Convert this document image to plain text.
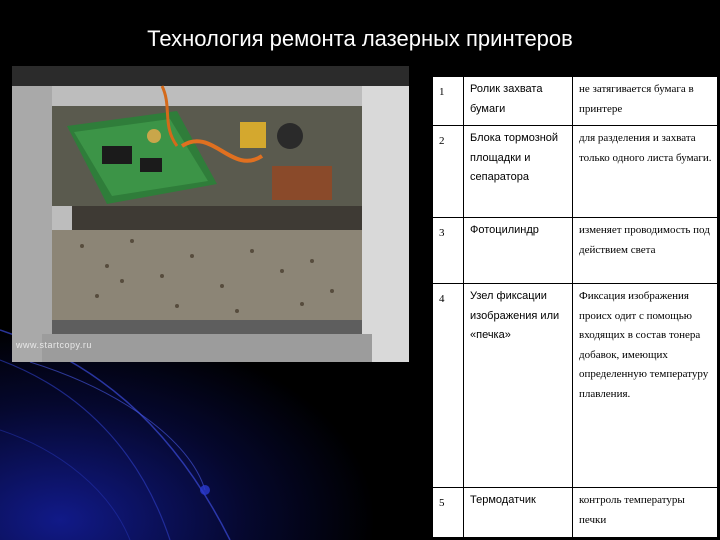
Технология ремонта лазерных принтеров
www.startcopy.ru
1	Ролик захвата бумаги	не затягивается бумага в принтере
2	Блока тормозной площадки и сепаратора	для разделения и захвата только одного листа бумаги.
3	Фотоцилиндр	изменяет проводимость под действием света
4	Узел фиксации изображения или «печка»	Фиксация изображения происх одит с помощью входящих в состав тонера добавок, имеющих определенную температуру плавления.
5	Термодатчик	контроль температуры печки
